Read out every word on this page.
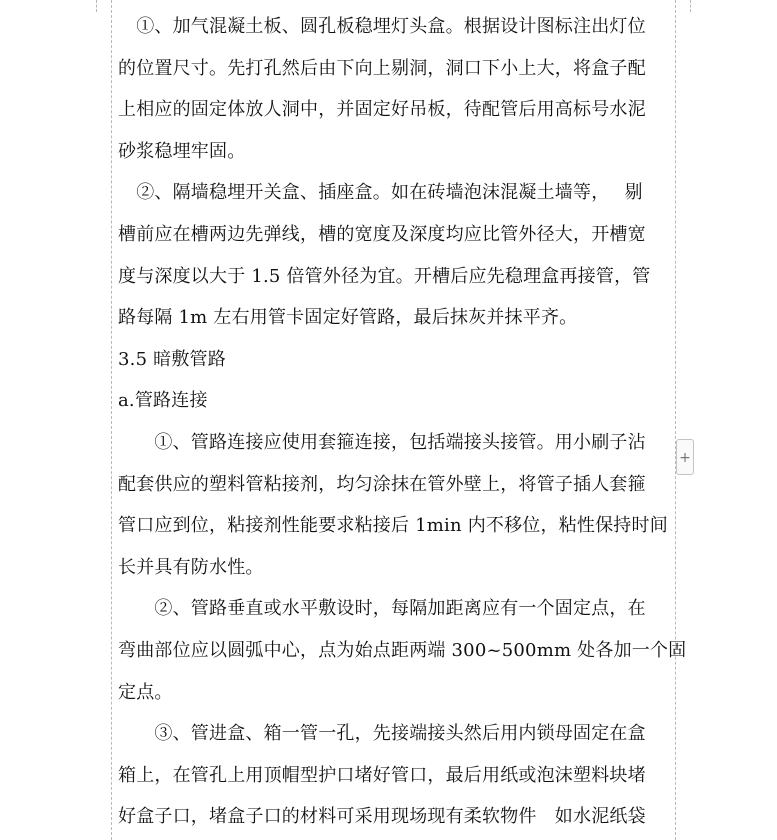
　①、加气混凝土板、圆孔板稳埋灯头盒。根据设计图标注出灯位
的位置尺寸。先打孔然后由下向上剔洞，洞口下小上大，将盒子配
上相应的固定体放人洞中，并固定好吊板，待配管后用高标号水泥
砂浆稳埋牢固。
　②、隔墙稳埋开关盒、插座盒。如在砖墙泡沫混凝土墙等，　 剔
槽前应在槽两边先弹线，槽的宽度及深度均应比管外径大，开槽宽
度与深度以大于 1.5 倍管外径为宜。开槽后应先稳理盒再接管，管
路每隔 1m 左右用管卡固定好管路，最后抹灰并抹平齐。
3.5 暗敷管路
a.管路连接
　　①、管路连接应使用套箍连接，包括端接头接管。用小刷子沾
配套供应的塑料管粘接剂，均匀涂抹在管外壁上，将管子插人套箍
管口应到位，粘接剂性能要求粘接后 1min 内不移位，粘性保持时间
长并具有防水性。
　　②、管路垂直或水平敷设时，每隔加距离应有一个固定点，在
弯曲部位应以圆弧中心，点为始点距两端 300~500mm 处各加一个固
定点。
　　③、管进盒、箱一管一孔，先接端接头然后用内锁母固定在盒
箱上，在管孔上用顶帽型护口堵好管口，最后用纸或泡沫塑料块堵
好盒子口，堵盒子口的材料可采用现场现有柔软物件　如水泥纸袋
+
